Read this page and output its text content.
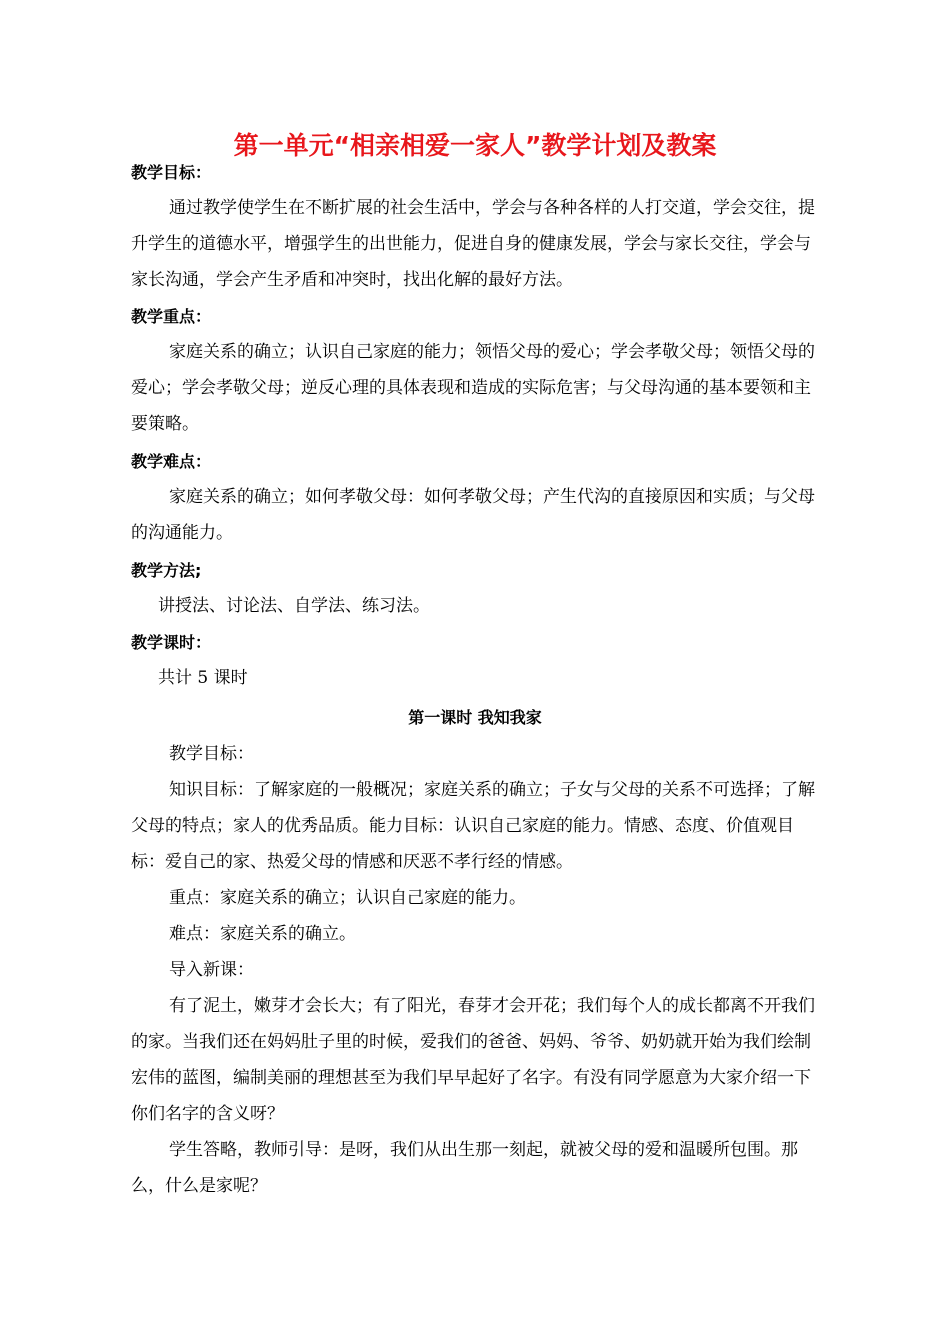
第一单元“相亲相爱一家人”教学计划及教案
教学目标：
通过教学使学生在不断扩展的社会生活中，学会与各种各样的人打交道，学会交往，提升学生的道德水平，增强学生的出世能力，促进自身的健康发展，学会与家长交往，学会与家长沟通，学会产生矛盾和冲突时，找出化解的最好方法。
教学重点：
家庭关系的确立；认识自己家庭的能力；领悟父母的爱心；学会孝敬父母；领悟父母的爱心；学会孝敬父母；逆反心理的具体表现和造成的实际危害；与父母沟通的基本要领和主要策略。
教学难点：
家庭关系的确立；如何孝敬父母：如何孝敬父母；产生代沟的直接原因和实质；与父母的沟通能力。
教学方法;
讲授法、讨论法、自学法、练习法。
教学课时：
共计 5 课时
第一课时 我知我家
教学目标：
知识目标：了解家庭的一般概况；家庭关系的确立；子女与父母的关系不可选择；了解父母的特点；家人的优秀品质。能力目标：认识自己家庭的能力。情感、态度、价值观目标：爱自己的家、热爱父母的情感和厌恶不孝行经的情感。
重点：家庭关系的确立；认识自己家庭的能力。
难点：家庭关系的确立。
导入新课：
有了泥土，嫩芽才会长大；有了阳光，春芽才会开花；我们每个人的成长都离不开我们的家。当我们还在妈妈肚子里的时候，爱我们的爸爸、妈妈、爷爷、奶奶就开始为我们绘制宏伟的蓝图，编制美丽的理想甚至为我们早早起好了名字。有没有同学愿意为大家介绍一下你们名字的含义呀？
学生答略，教师引导：是呀，我们从出生那一刻起，就被父母的爱和温暖所包围。那么，什么是家呢？
